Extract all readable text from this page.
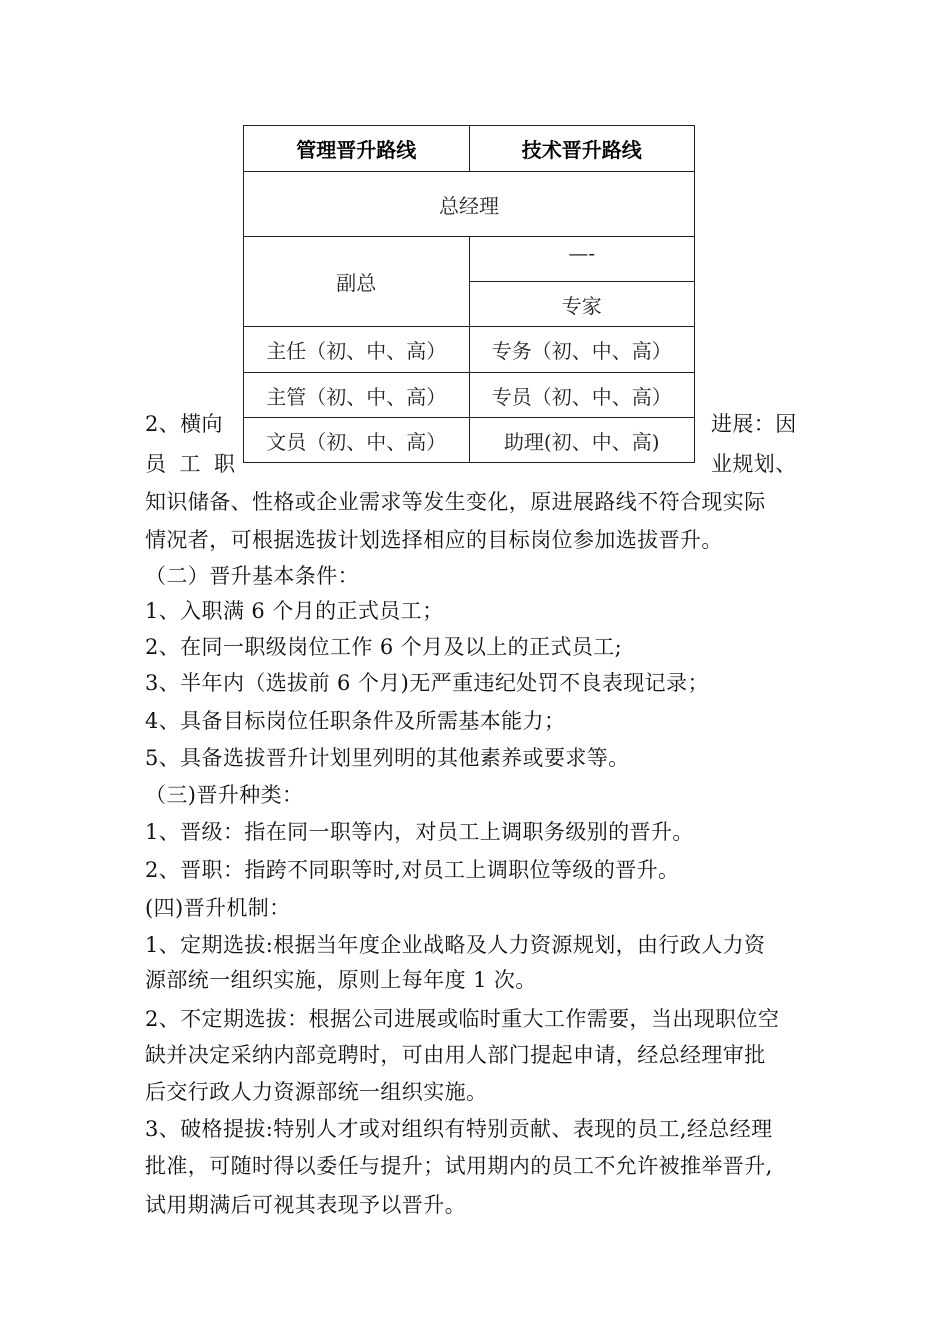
2、横向
员 工 职
进展：因
业规划、
管理晋升路线	技术晋升路线
总经理	
副总	—-
	专家
主任（初、中、高）	专务（初、中、高）
主管（初、中、高）	专员（初、中、高）
文员（初、中、高）	助理(初、中、高)
知识储备、性格或企业需求等发生变化，原进展路线不符合现实际
情况者，可根据选拔计划选择相应的目标岗位参加选拔晋升。
（二）晋升基本条件：
1、入职满 6 个月的正式员工；
2、在同一职级岗位工作 6 个月及以上的正式员工;
3、半年内（选拔前 6 个月)无严重违纪处罚不良表现记录；
4、具备目标岗位任职条件及所需基本能力；
5、具备选拔晋升计划里列明的其他素养或要求等。
（三)晋升种类：
1、晋级：指在同一职等内，对员工上调职务级别的晋升。
2、晋职：指跨不同职等时,对员工上调职位等级的晋升。
(四)晋升机制：
1、定期选拔:根据当年度企业战略及人力资源规划，由行政人力资
源部统一组织实施，原则上每年度 1 次。
2、不定期选拔：根据公司进展或临时重大工作需要，当出现职位空
缺并决定采纳内部竞聘时，可由用人部门提起申请，经总经理审批
后交行政人力资源部统一组织实施。
3、破格提拔:特别人才或对组织有特别贡献、表现的员工,经总经理
批准，可随时得以委任与提升；试用期内的员工不允许被推举晋升,
试用期满后可视其表现予以晋升。
